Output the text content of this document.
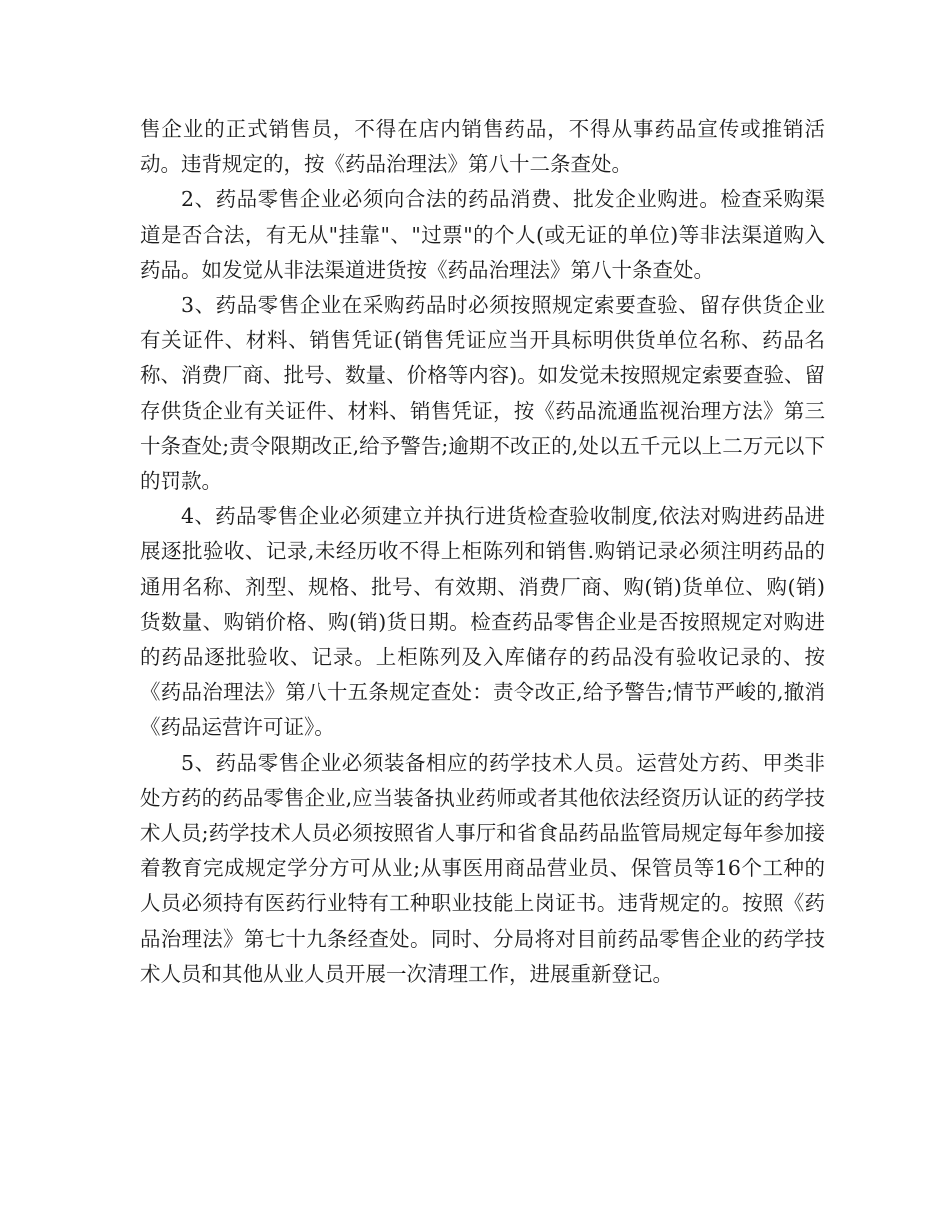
售企业的正式销售员，不得在店内销售药品，不得从事药品宣传或推销活动。违背规定的，按《药品治理法》第八十二条查处。

2、药品零售企业必须向合法的药品消费、批发企业购进。检查采购渠道是否合法，有无从"挂靠"、"过票"的个人(或无证的单位)等非法渠道购入药品。如发觉从非法渠道进货按《药品治理法》第八十条查处。

3、药品零售企业在采购药品时必须按照规定索要查验、留存供货企业有关证件、材料、销售凭证(销售凭证应当开具标明供货单位名称、药品名称、消费厂商、批号、数量、价格等内容)。如发觉未按照规定索要查验、留存供货企业有关证件、材料、销售凭证，按《药品流通监视治理方法》第三十条查处;责令限期改正,给予警告;逾期不改正的,处以五千元以上二万元以下的罚款。

4、药品零售企业必须建立并执行进货检查验收制度,依法对购进药品进展逐批验收、记录,未经历收不得上柜陈列和销售.购销记录必须注明药品的通用名称、剂型、规格、批号、有效期、消费厂商、购(销)货单位、购(销)货数量、购销价格、购(销)货日期。检查药品零售企业是否按照规定对购进的药品逐批验收、记录。上柜陈列及入库储存的药品没有验收记录的、按《药品治理法》第八十五条规定查处：责令改正,给予警告;情节严峻的,撤消《药品运营许可证》。

5、药品零售企业必须装备相应的药学技术人员。运营处方药、甲类非处方药的药品零售企业,应当装备执业药师或者其他依法经资历认证的药学技术人员;药学技术人员必须按照省人事厅和省食品药品监管局规定每年参加接着教育完成规定学分方可从业;从事医用商品营业员、保管员等16个工种的人员必须持有医药行业特有工种职业技能上岗证书。违背规定的。按照《药品治理法》第七十九条经查处。同时、分局将对目前药品零售企业的药学技术人员和其他从业人员开展一次清理工作，进展重新登记。
